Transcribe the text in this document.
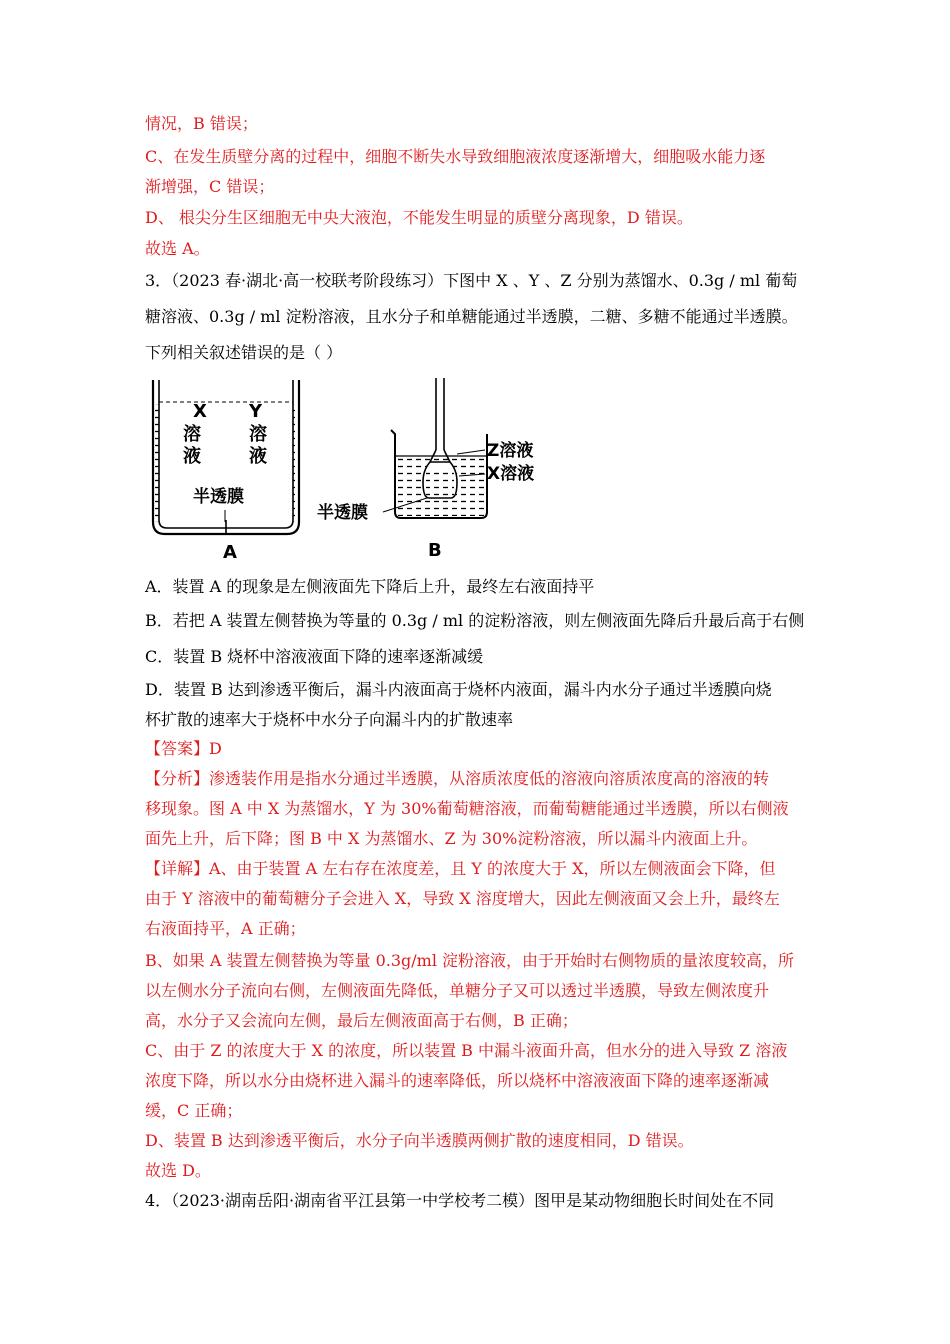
情况，B 错误；

C、在发生质壁分离的过程中，细胞不断失水导致细胞液浓度逐渐增大，细胞吸水能力逐

渐增强，C 错误；

D、 根尖分生区细胞无中央大液泡，不能发生明显的质壁分离现象，D 错误。

故选 A。

3．（2023 春·湖北·高一校联考阶段练习）下图中 X 、Y 、Z 分别为蒸馏水、0.3g / ml 葡萄

糖溶液、0.3g / ml 淀粉溶液，且水分子和单糖能通过半透膜，二糖、多糖不能通过半透膜。

下列相关叙述错误的是（ ）

X
溶
液
Y
溶
液
半透膜
A
Z溶液
X溶液
半透膜
B

A．装置 A 的现象是左侧液面先下降后上升，最终左右液面持平

B．若把 A 装置左侧替换为等量的 0.3g / ml 的淀粉溶液，则左侧液面先降后升最后高于右侧

C．装置 B 烧杯中溶液液面下降的速率逐渐减缓

D．装置 B 达到渗透平衡后，漏斗内液面高于烧杯内液面，漏斗内水分子通过半透膜向烧

杯扩散的速率大于烧杯中水分子向漏斗内的扩散速率

【答案】D

【分析】渗透装作用是指水分通过半透膜，从溶质浓度低的溶液向溶质浓度高的溶液的转

移现象。图 A 中 X 为蒸馏水，Y 为 30%葡萄糖溶液，而葡萄糖能通过半透膜，所以右侧液

面先上升，后下降；图 B 中 X 为蒸馏水、Z 为 30%淀粉溶液，所以漏斗内液面上升。

【详解】A、由于装置 A 左右存在浓度差，且 Y 的浓度大于 X，所以左侧液面会下降，但

由于 Y 溶液中的葡萄糖分子会进入 X，导致 X 溶度增大，因此左侧液面又会上升，最终左

右液面持平，A 正确；

B、如果 A 装置左侧替换为等量 0.3g/ml 淀粉溶液，由于开始时右侧物质的量浓度较高，所

以左侧水分子流向右侧，左侧液面先降低，单糖分子又可以透过半透膜，导致左侧浓度升

高，水分子又会流向左侧，最后左侧液面高于右侧，B 正确；

C、由于 Z 的浓度大于 X 的浓度，所以装置 B 中漏斗液面升高，但水分的进入导致 Z 溶液

浓度下降，所以水分由烧杯进入漏斗的速率降低，所以烧杯中溶液液面下降的速率逐渐减

缓，C 正确；

D、装置 B 达到渗透平衡后，水分子向半透膜两侧扩散的速度相同，D 错误。

故选 D。

4．（2023·湖南岳阳·湖南省平江县第一中学校考二模）图甲是某动物细胞长时间处在不同
